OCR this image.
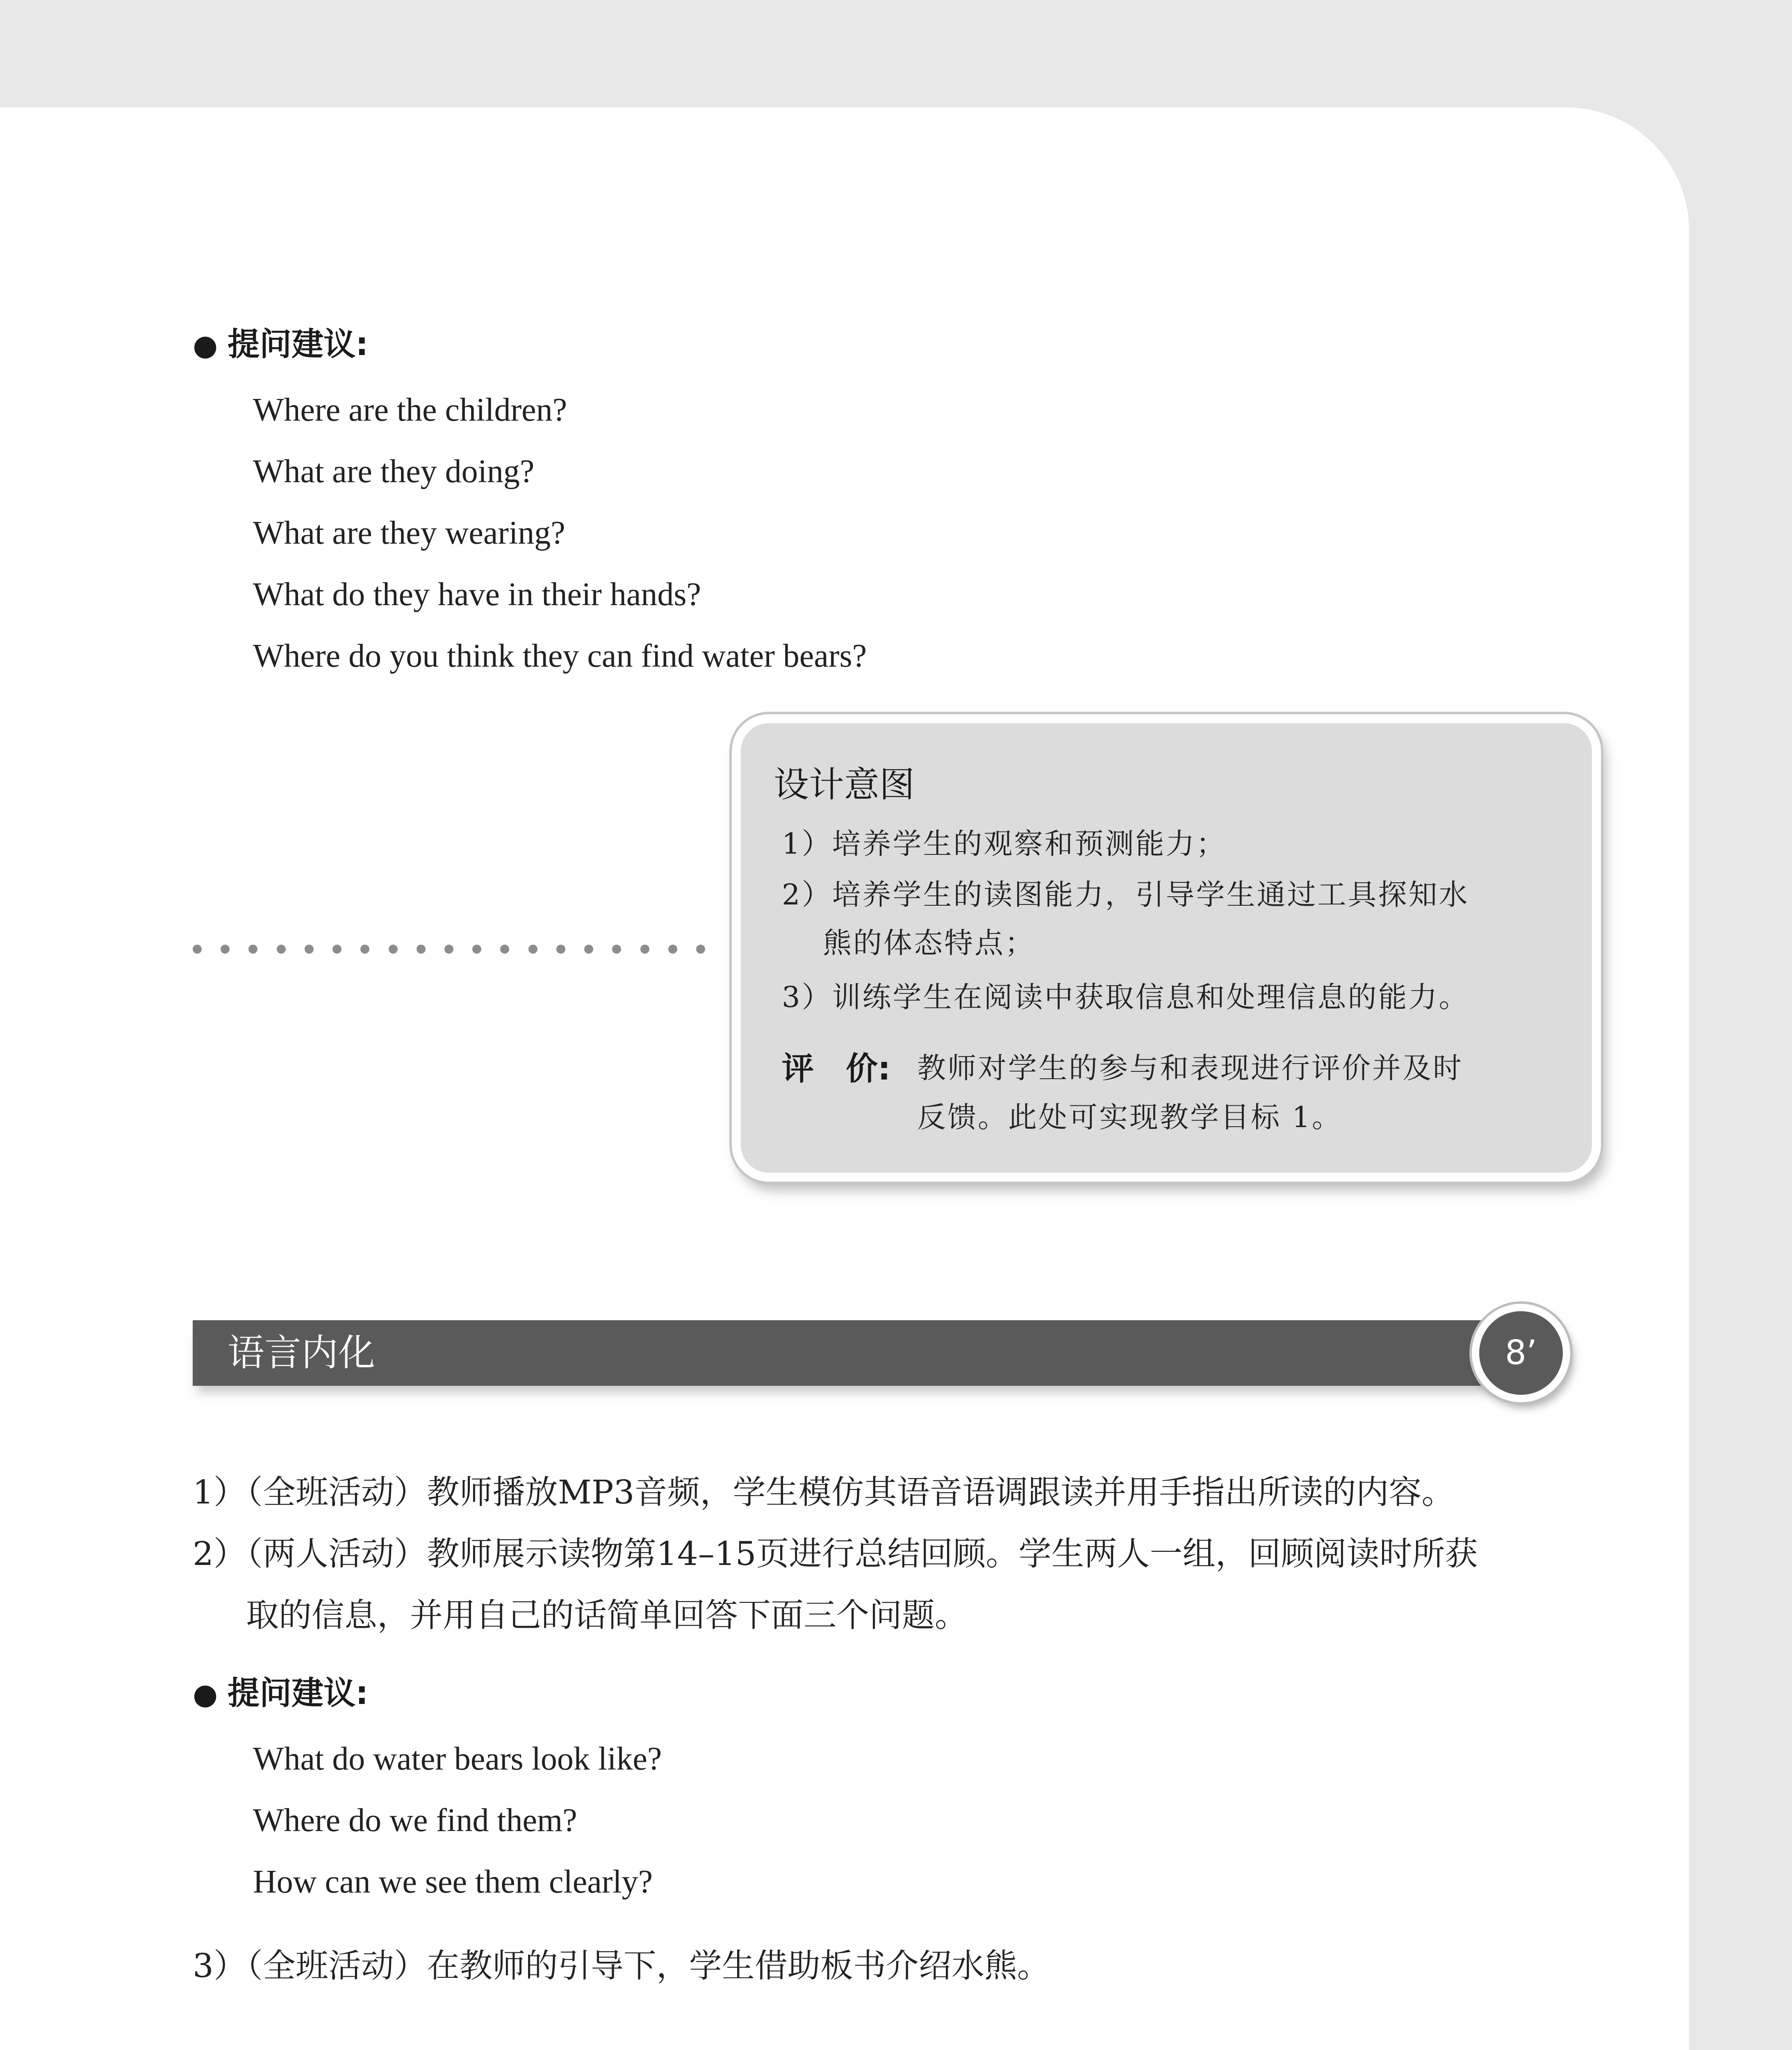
● 提问建议:
Where are the children?
What are they doing?
What are they wearing?
What do they have in their hands?
Where do you think they can find water bears?
设计意图
1）培养学生的观察和预测能力；
2）培养学生的读图能力，引导学生通过工具探知水
熊的体态特点；
3）训练学生在阅读中获取信息和处理信息的能力。
评　价: 教师对学生的参与和表现进行评价并及时
反馈。此处可实现教学目标 1。
语言内化	8’
1）（全班活动）教师播放MP3音频，学生模仿其语音语调跟读并用手指出所读的内容。
2）（两人活动）教师展示读物第14–15页进行总结回顾。学生两人一组，回顾阅读时所获
取的信息，并用自己的话简单回答下面三个问题。
● 提问建议:
What do water bears look like?
Where do we find them?
How can we see them clearly?
3）（全班活动）在教师的引导下，学生借助板书介绍水熊。
